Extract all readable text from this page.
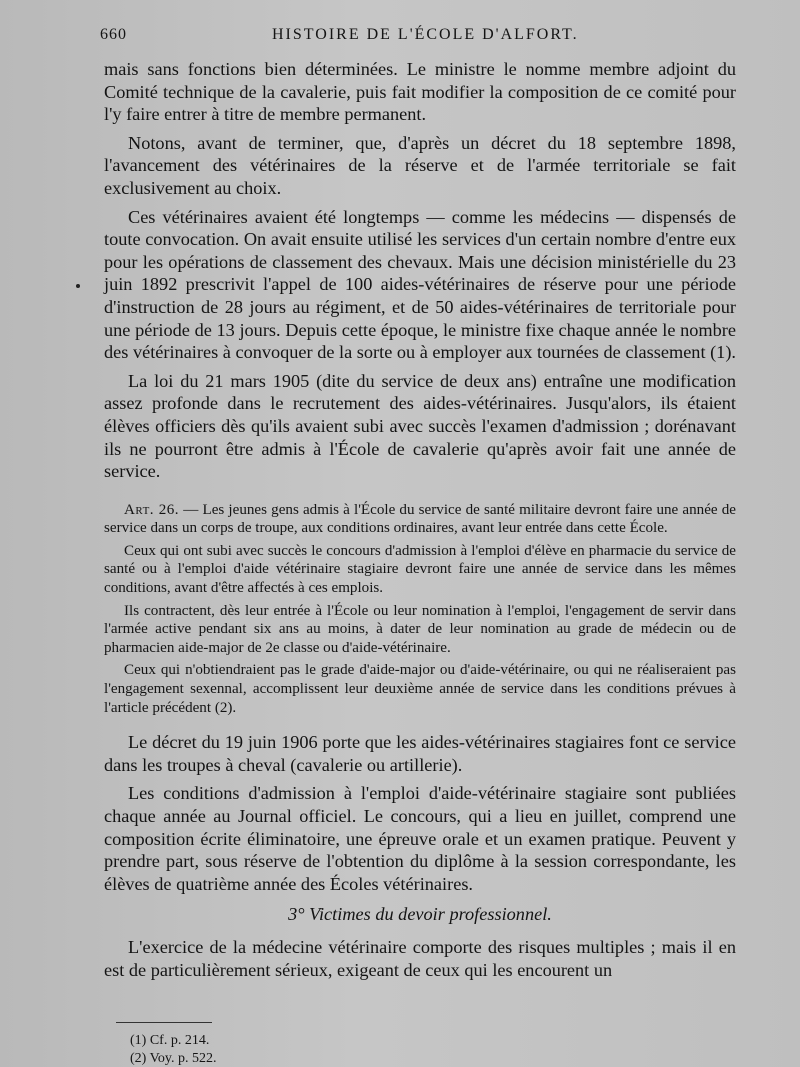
660	HISTOIRE DE L'ÉCOLE D'ALFORT.

mais sans fonctions bien déterminées. Le ministre le nomme membre adjoint du Comité technique de la cavalerie, puis fait modifier la composition de ce comité pour l'y faire entrer à titre de membre permanent.

Notons, avant de terminer, que, d'après un décret du 18 septembre 1898, l'avancement des vétérinaires de la réserve et de l'armée territoriale se fait exclusivement au choix.

Ces vétérinaires avaient été longtemps — comme les médecins — dispensés de toute convocation. On avait ensuite utilisé les services d'un certain nombre d'entre eux pour les opérations de classement des chevaux. Mais une décision ministérielle du 23 juin 1892 prescrivit l'appel de 100 aides-vétérinaires de réserve pour une période d'instruction de 28 jours au régiment, et de 50 aides-vétérinaires de territoriale pour une période de 13 jours. Depuis cette époque, le ministre fixe chaque année le nombre des vétérinaires à convoquer de la sorte ou à employer aux tournées de classement (1).

La loi du 21 mars 1905 (dite du service de deux ans) entraîne une modification assez profonde dans le recrutement des aides-vétérinaires. Jusqu'alors, ils étaient élèves officiers dès qu'ils avaient subi avec succès l'examen d'admission ; dorénavant ils ne pourront être admis à l'École de cavalerie qu'après avoir fait une année de service.

Art. 26. — Les jeunes gens admis à l'École du service de santé militaire devront faire une année de service dans un corps de troupe, aux conditions ordinaires, avant leur entrée dans cette École.

Ceux qui ont subi avec succès le concours d'admission à l'emploi d'élève en pharmacie du service de santé ou à l'emploi d'aide vétérinaire stagiaire devront faire une année de service dans les mêmes conditions, avant d'être affectés à ces emplois.

Ils contractent, dès leur entrée à l'École ou leur nomination à l'emploi, l'engagement de servir dans l'armée active pendant six ans au moins, à dater de leur nomination au grade de médecin ou de pharmacien aide-major de 2e classe ou d'aide-vétérinaire.

Ceux qui n'obtiendraient pas le grade d'aide-major ou d'aide-vétérinaire, ou qui ne réaliseraient pas l'engagement sexennal, accomplissent leur deuxième année de service dans les conditions prévues à l'article précédent (2).

Le décret du 19 juin 1906 porte que les aides-vétérinaires stagiaires font ce service dans les troupes à cheval (cavalerie ou artillerie).

Les conditions d'admission à l'emploi d'aide-vétérinaire stagiaire sont publiées chaque année au Journal officiel. Le concours, qui a lieu en juillet, comprend une composition écrite éliminatoire, une épreuve orale et un examen pratique. Peuvent y prendre part, sous réserve de l'obtention du diplôme à la session correspondante, les élèves de quatrième année des Écoles vétérinaires.

3° Victimes du devoir professionnel.

L'exercice de la médecine vétérinaire comporte des risques multiples ; mais il en est de particulièrement sérieux, exigeant de ceux qui les encourent un

(1) Cf. p. 214.
(2) Voy. p. 522.
